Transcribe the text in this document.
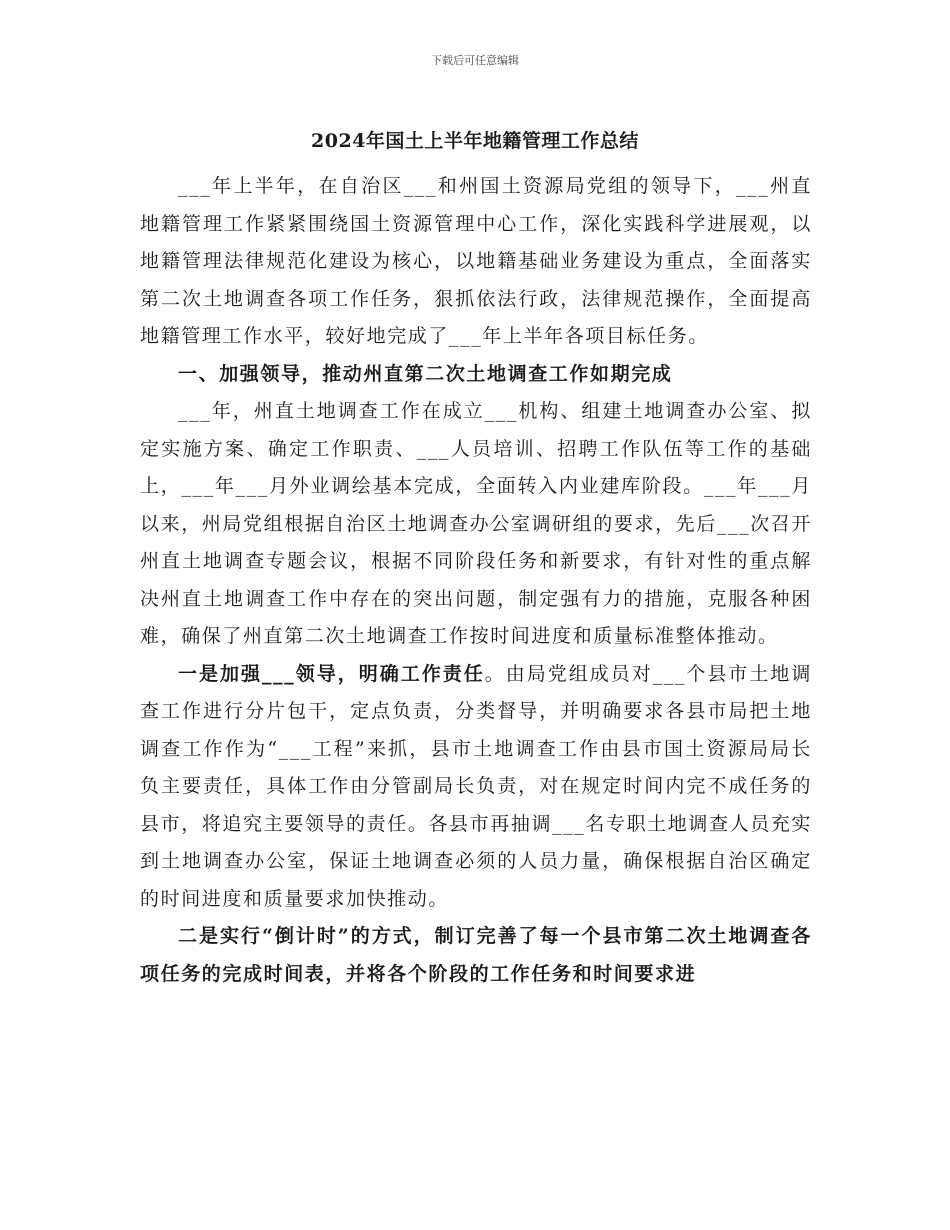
下载后可任意编辑
2024年国土上半年地籍管理工作总结

___年上半年，在自治区___和州国土资源局党组的领导下，___州直地籍管理工作紧紧围绕国土资源管理中心工作，深化实践科学进展观，以地籍管理法律规范化建设为核心，以地籍基础业务建设为重点，全面落实第二次土地调查各项工作任务，狠抓依法行政，法律规范操作，全面提高地籍管理工作水平，较好地完成了___年上半年各项目标任务。

一、加强领导，推动州直第二次土地调查工作如期完成

___年，州直土地调查工作在成立___机构、组建土地调查办公室、拟定实施方案、确定工作职责、___人员培训、招聘工作队伍等工作的基础上，___年___月外业调绘基本完成，全面转入内业建库阶段。___年___月以来，州局党组根据自治区土地调查办公室调研组的要求，先后___次召开州直土地调查专题会议，根据不同阶段任务和新要求，有针对性的重点解决州直土地调查工作中存在的突出问题，制定强有力的措施，克服各种困难，确保了州直第二次土地调查工作按时间进度和质量标准整体推动。

一是加强___领导，明确工作责任。由局党组成员对___个县市土地调查工作进行分片包干，定点负责，分类督导，并明确要求各县市局把土地调查工作作为“___工程”来抓，县市土地调查工作由县市国土资源局局长负主要责任，具体工作由分管副局长负责，对在规定时间内完不成任务的县市，将追究主要领导的责任。各县市再抽调___名专职土地调查人员充实到土地调查办公室，保证土地调查必须的人员力量，确保根据自治区确定的时间进度和质量要求加快推动。

二是实行“倒计时”的方式，制订完善了每一个县市第二次土地调查各项任务的完成时间表，并将各个阶段的工作任务和时间要求进
